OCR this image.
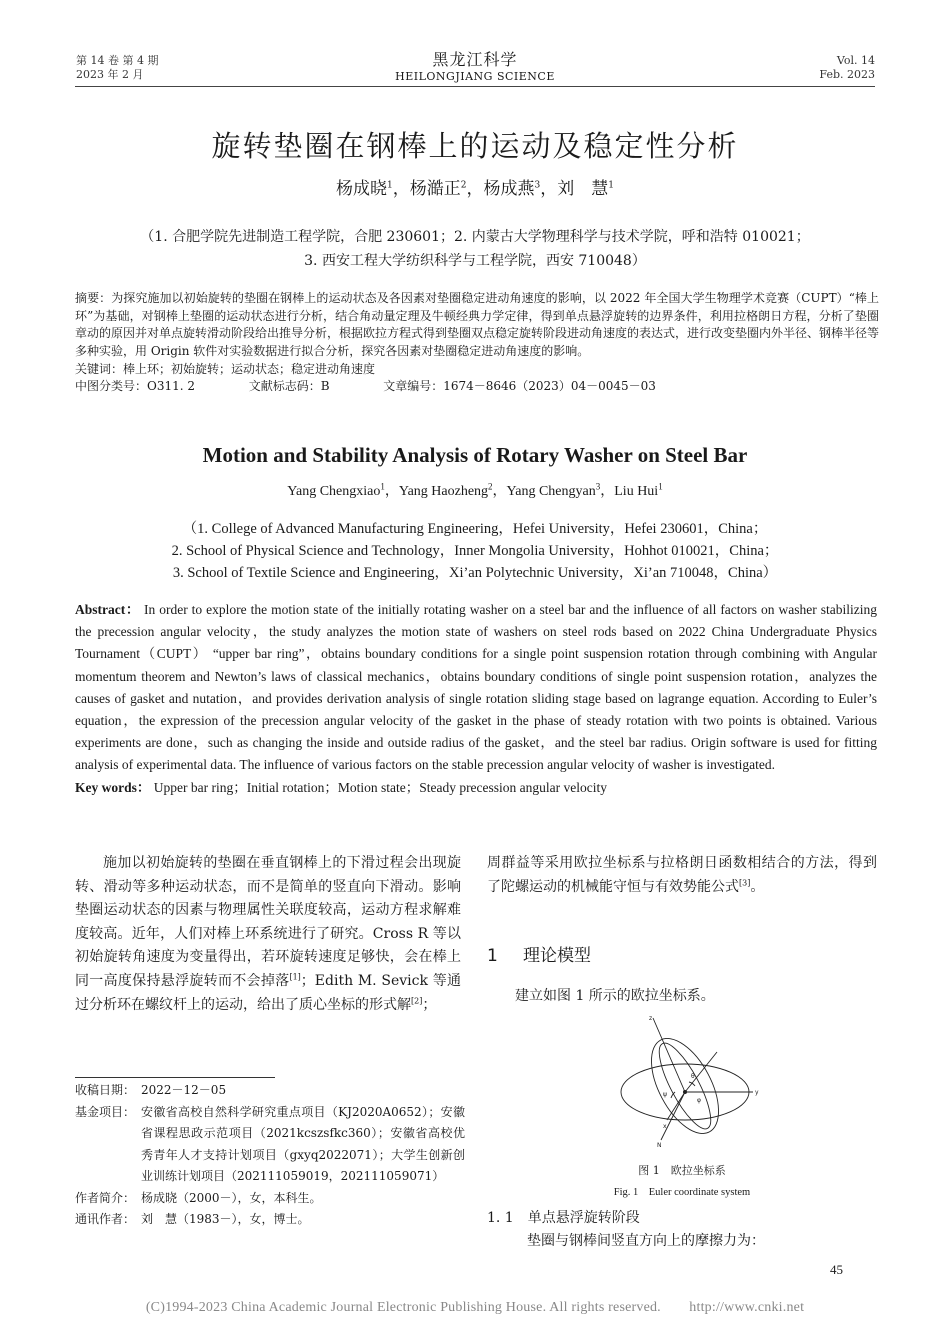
第 14 卷 第 4 期
2023 年 2 月
黑龙江科学
HEILONGJIANG SCIENCE
Vol. 14
Feb. 2023
旋转垫圈在钢棒上的运动及稳定性分析
杨成晓$^1$，杨澔正$^2$，杨成燕$^3$，刘　慧$^1$
（1. 合肥学院先进制造工程学院，合肥 230601；2. 内蒙古大学物理科学与技术学院，呼和浩特 010021；
3. 西安工程大学纺织科学与工程学院，西安 710048）
摘要：为探究施加以初始旋转的垫圈在钢棒上的运动状态及各因素对垫圈稳定进动角速度的影响，以 2022 年全国大学生物理学术竞赛（CUPT）“棒上环”为基础，对钢棒上垫圈的运动状态进行分析，结合角动量定理及牛顿经典力学定律，得到单点悬浮旋转的边界条件，利用拉格朗日方程，分析了垫圈章动的原因并对单点旋转滑动阶段给出推导分析，根据欧拉方程式得到垫圈双点稳定旋转阶段进动角速度的表达式，进行改变垫圈内外半径、钢棒半径等多种实验，用 Origin 软件对实验数据进行拟合分析，探究各因素对垫圈稳定进动角速度的影响。
关键词：棒上环；初始旋转；运动状态；稳定进动角速度
中图分类号：O311. 2	文献标志码：B	文章编号：1674－8646（2023）04－0045－03
Motion and Stability Analysis of Rotary Washer on Steel Bar
Yang Chengxiao$^1$，Yang Haozheng$^2$，Yang Chengyan$^3$，Liu Hui$^1$
（1. College of Advanced Manufacturing Engineering，Hefei University，Hefei 230601，China；
2. School of Physical Science and Technology，Inner Mongolia University，Hohhot 010021，China；
3. School of Textile Science and Engineering，Xi’an Polytechnic University，Xi’an 710048，China）
Abstract： In order to explore the motion state of the initially rotating washer on a steel bar and the influence of all factors on washer stabilizing the precession angular velocity，the study analyzes the motion state of washers on steel rods based on 2022 China Undergraduate Physics Tournament（CUPT） “upper bar ring”，obtains boundary conditions for a single point suspension rotation through combining with Angular momentum theorem and Newton’s laws of classical mechanics，obtains boundary conditions of single point suspension rotation，analyzes the causes of gasket and nutation，and provides derivation analysis of single rotation sliding stage based on lagrange equation. According to Euler’s equation，the expression of the precession angular velocity of the gasket in the phase of steady rotation with two points is obtained. Various experiments are done，such as changing the inside and outside radius of the gasket，and the steel bar radius. Origin software is used for fitting analysis of experimental data. The influence of various factors on the stable precession angular velocity of washer is investigated.
Key words： Upper bar ring；Initial rotation；Motion state；Steady precession angular velocity

施加以初始旋转的垫圈在垂直钢棒上的下滑过程会出现旋转、滑动等多种运动状态，而不是简单的竖直向下滑动。影响垫圈运动状态的因素与物理属性关联度较高，运动方程求解难度较高。近年，人们对棒上环系统进行了研究。Cross R 等以初始旋转角速度为变量得出，若环旋转速度足够快，会在棒上同一高度保持悬浮旋转而不会掉落[1]；Edith M. Sevick 等通过分析环在螺纹杆上的运动，给出了质心坐标的形式解[2]；

收稿日期： 2022－12－05
基金项目： 安徽省高校自然科学研究重点项目（KJ2020A0652）；安徽省课程思政示范项目（2021kcszsfkc360）；安徽省高校优秀青年人才支持计划项目（gxyq2022071）；大学生创新创业训练计划项目（202111059019，202111059071）
作者简介： 杨成晓（2000－），女，本科生。
通讯作者： 刘　慧（1983－），女，博士。
周群益等采用欧拉坐标系与拉格朗日函数相结合的方法，得到了陀螺运动的机械能守恒与有效势能公式[3]。
1 理论模型
建立如图 1 所示的欧拉坐标系。
z
y
x
N
θ
ψ
φ
图 1　欧拉坐标系
Fig. 1　Euler coordinate system
1. 1 单点悬浮旋转阶段
垫圈与钢棒间竖直方向上的摩擦力为：
45
(C)1994-2023 China Academic Journal Electronic Publishing House. All rights reserved.　　http://www.cnki.net
